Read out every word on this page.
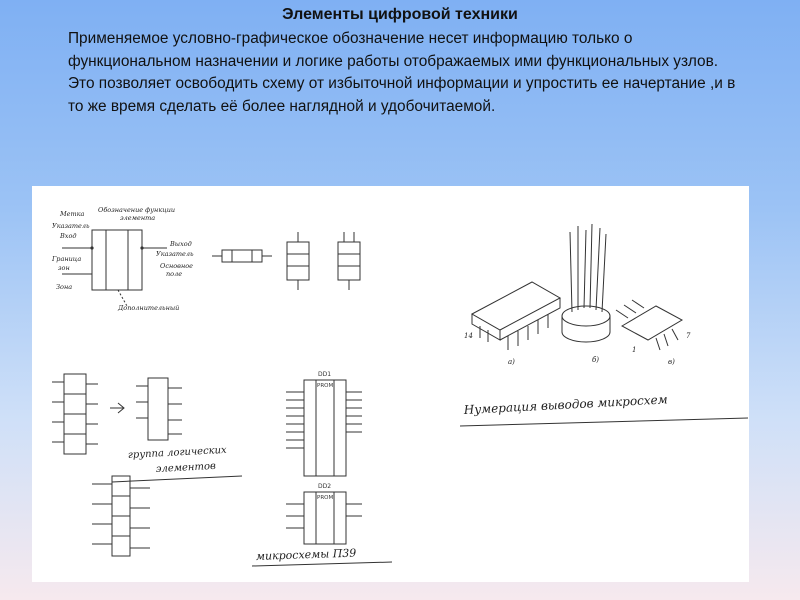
Элементы цифровой техники
Применяемое условно-графическое обозначение несет информацию только о функциональном назначении и логике работы отображаемых ими функциональных узлов. Это позволяет освободить схему от избыточной информации и упростить ее начертание ,и в то же время сделать её более наглядной и удобочитаемой.
Метка
Указатель
Вход
Граница
зон
Зона
Обозначение функции
элемента
Выход
Указатель
Основное
поле
Дополнительный
14
а)	б)
1
7
в)
Нумерация выводов микросхем
группа логических
элементов
DD1
PROM
DD2
PROM
микросхемы П39
